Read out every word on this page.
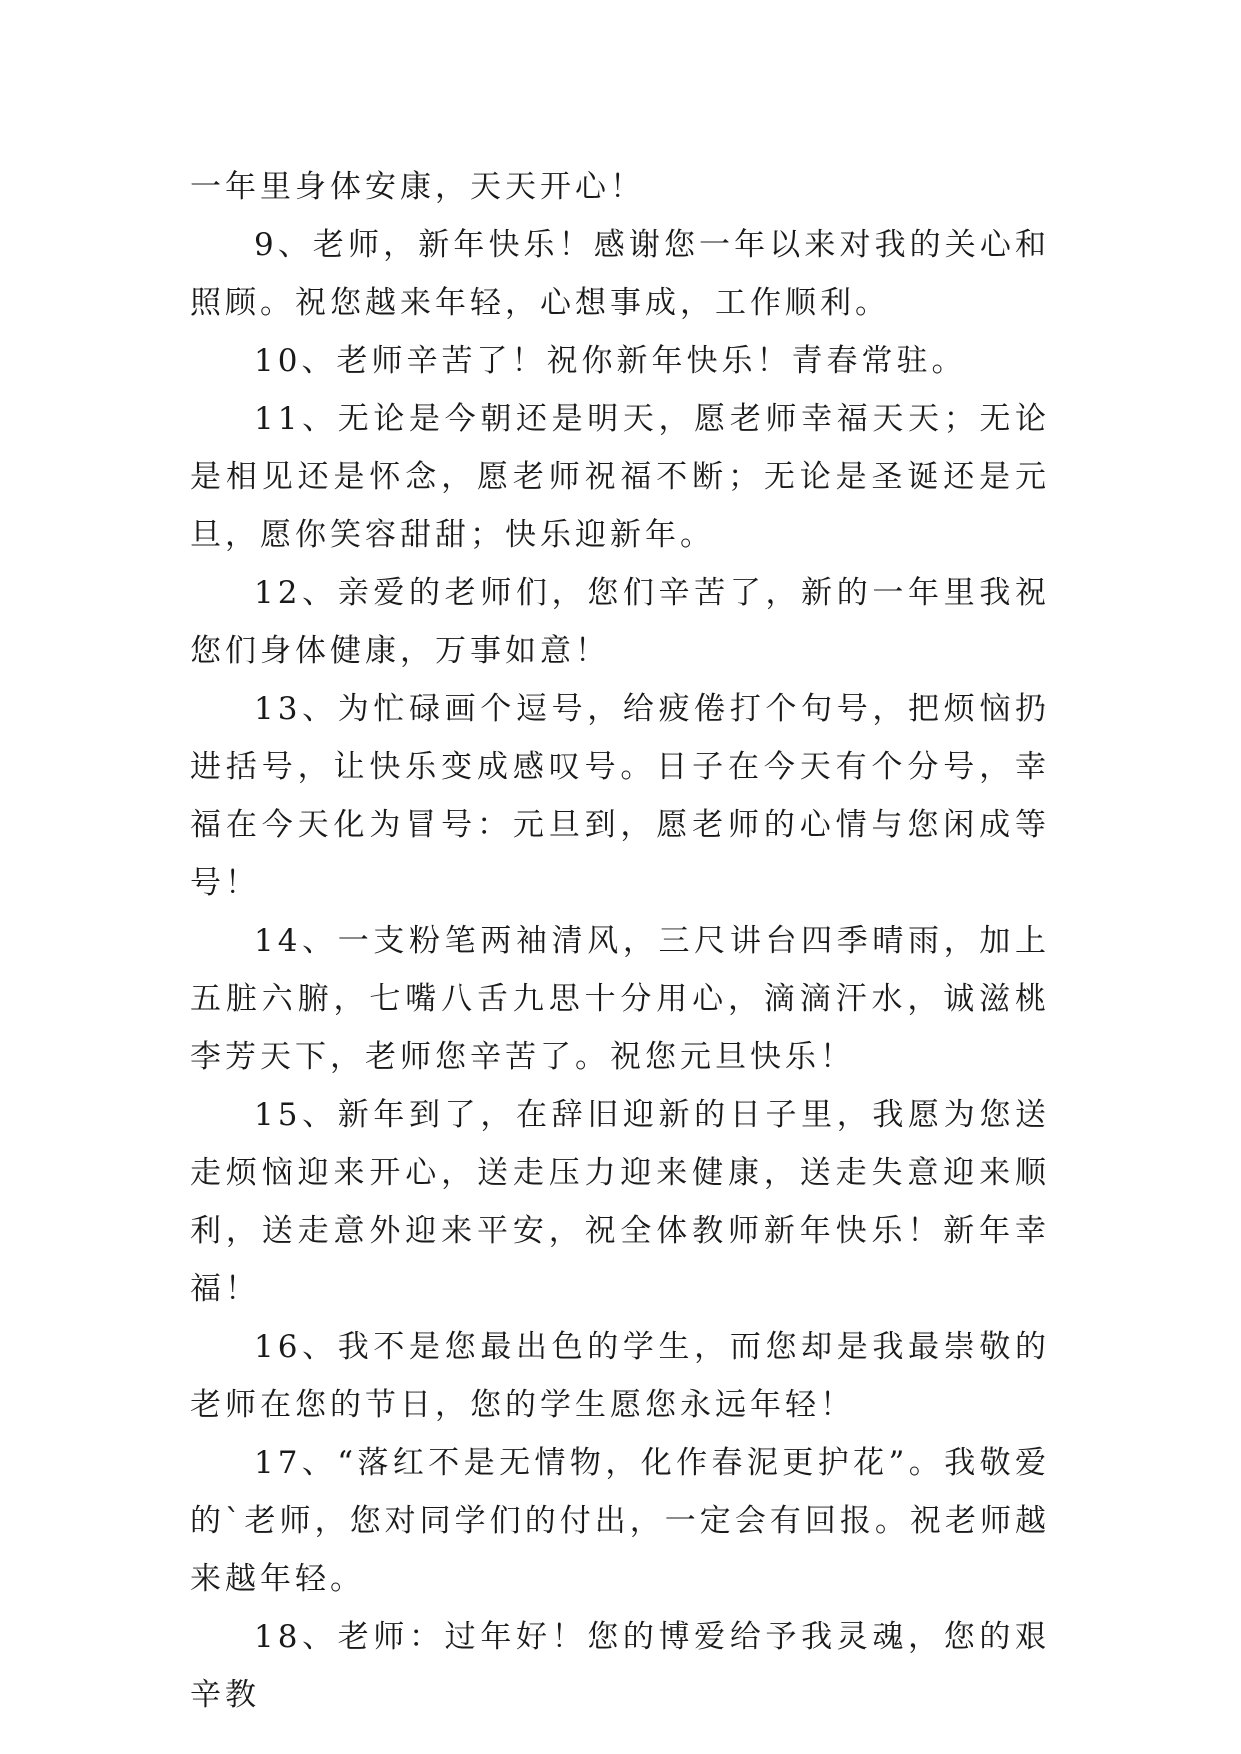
一年里身体安康，天天开心！

9、老师，新年快乐！感谢您一年以来对我的关心和照顾。祝您越来年轻，心想事成，工作顺利。

10、老师辛苦了！祝你新年快乐！青春常驻。

11、无论是今朝还是明天，愿老师幸福天天；无论是相见还是怀念，愿老师祝福不断；无论是圣诞还是元旦，愿你笑容甜甜；快乐迎新年。

12、亲爱的老师们，您们辛苦了，新的一年里我祝您们身体健康，万事如意！

13、为忙碌画个逗号，给疲倦打个句号，把烦恼扔进括号，让快乐变成感叹号。日子在今天有个分号，幸福在今天化为冒号：元旦到，愿老师的心情与您闲成等号！

14、一支粉笔两袖清风，三尺讲台四季晴雨，加上五脏六腑，七嘴八舌九思十分用心，滴滴汗水，诚滋桃李芳天下，老师您辛苦了。祝您元旦快乐！

15、新年到了，在辞旧迎新的日子里，我愿为您送走烦恼迎来开心，送走压力迎来健康，送走失意迎来顺利，送走意外迎来平安，祝全体教师新年快乐！新年幸福！

16、我不是您最出色的学生，而您却是我最崇敬的老师在您的节日，您的学生愿您永远年轻！

17、“落红不是无情物，化作春泥更护花”。我敬爱的`老师，您对同学们的付出，一定会有回报。祝老师越来越年轻。

18、老师：过年好！您的博爱给予我灵魂，您的艰辛教
